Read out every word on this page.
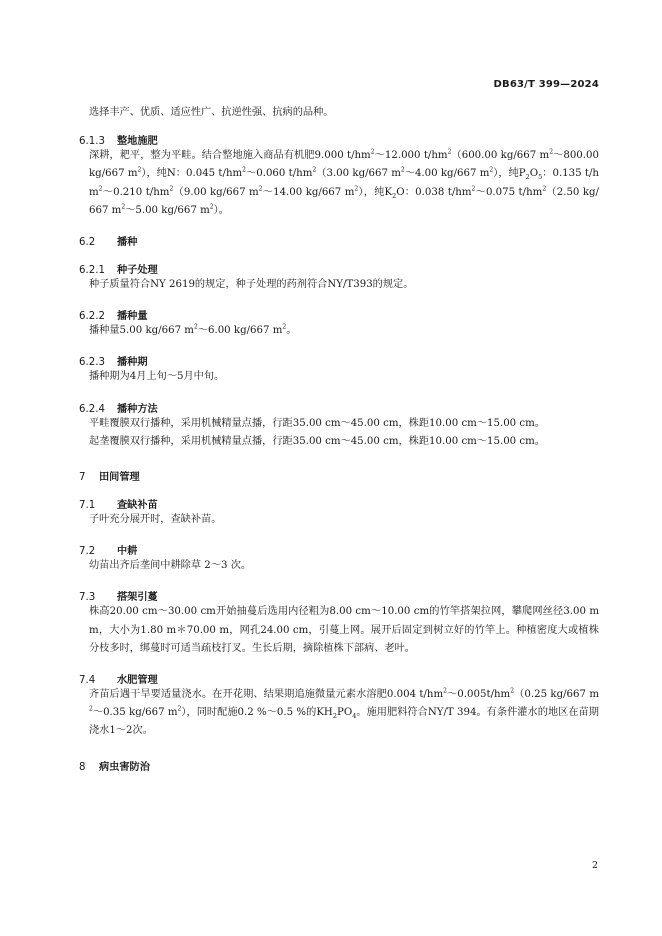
DB63/T 399—2024

选择丰产、优质、适应性广、抗逆性强、抗病的品种。

6.1.3 整地施肥

深耕，耙平，整为平畦。结合整地施入商品有机肥9.000 $t/hm^2\sim 12.000$ $t/hm^2(600.00$ kg/667 $m^2\sim 800.00$ kg/667 $m^2$），纯N：0.045 $t/hm^2\sim 0.060$ $t/hm^2(3.00$ kg/667 $m^2\sim 4.00$ kg/667 $m^2$），纯$P_2O_5$：0.135 $t/hm^2\sim 0.210$ $t/hm^2(9.00$ kg/667 $m^2\sim 14.00$ kg/667 $m^2$），纯$K_2O$：0.038 $t/hm^2\sim 0.075$ $t/hm^2(2.50$ kg/667 $m^2\sim 5.00$ kg/667 $m^2$）。

6.2 播种
6.2.1 种子处理

种子质量符合NY 2619的规定，种子处理的药剂符合NY/T393的规定。

6.2.2 播种量

播种量5.00 kg/667 $m^2\sim 6.00$ kg/667 $m^2$。

6.2.3 播种期

播种期为4月上旬～5月中旬。

6.2.4 播种方法

平畦覆膜双行播种，采用机械精量点播，行距35.00 cm～45.00 cm，株距10.00 cm～15.00 cm。

起垄覆膜双行播种，采用机械精量点播，行距35.00 cm～45.00 cm，株距10.00 cm～15.00 cm。

7 田间管理
7.1 查缺补苗

子叶充分展开时，查缺补苗。

7.2 中耕

幼苗出齐后垄间中耕除草 2～3 次。

7.3 搭架引蔓

株高20.00 cm～30.00 cm开始抽蔓后选用内径粗为8.00 cm～10.00 cm的竹竿搭架拉网，攀爬网丝径3.00 mm，大小为1.80 m＊70.00 m，网孔24.00 cm，引蔓上网。展开后固定到树立好的竹竿上。种植密度大或植株分枝多时，绑蔓时可适当疏枝打叉。生长后期，摘除植株下部病、老叶。

7.4 水肥管理

齐苗后遇干旱要适量浇水。在开花期、结果期追施微量元素水溶肥0.004 $t/hm^2\sim 0.005t/hm^2(0.25$ kg/667 $m^2\sim 0.35$ kg/667 $m^2$），同时配施0.2 %～0.5 %的$KH_2PO_4$。施用肥料符合NY/T 394。有条件灌水的地区在苗期浇水1～2次。

8 病虫害防治
2
